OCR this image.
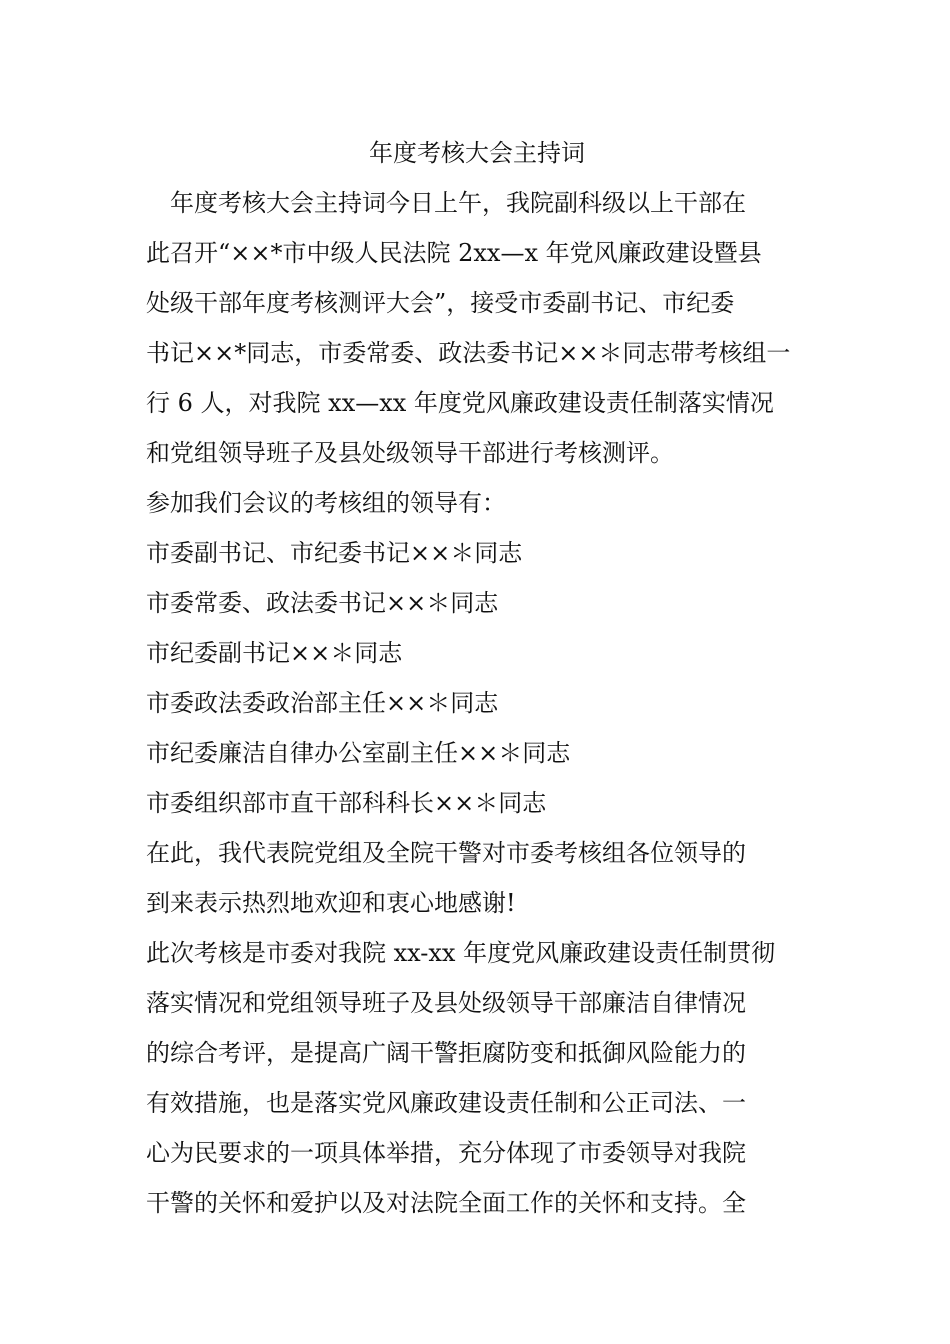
年度考核大会主持词
年度考核大会主持词今日上午，我院副科级以上干部在
此召开“××*市中级人民法院 2xx—x 年党风廉政建设暨县
处级干部年度考核测评大会”，接受市委副书记、市纪委
书记××*同志，市委常委、政法委书记××＊同志带考核组一
行 6 人，对我院 xx—xx 年度党风廉政建设责任制落实情况
和党组领导班子及县处级领导干部进行考核测评。
参加我们会议的考核组的领导有：
市委副书记、市纪委书记××＊同志
市委常委、政法委书记××＊同志
市纪委副书记××＊同志
市委政法委政治部主任××＊同志
市纪委廉洁自律办公室副主任××＊同志
市委组织部市直干部科科长××＊同志
在此，我代表院党组及全院干警对市委考核组各位领导的
到来表示热烈地欢迎和衷心地感谢!
此次考核是市委对我院 xx-xx 年度党风廉政建设责任制贯彻
落实情况和党组领导班子及县处级领导干部廉洁自律情况
的综合考评，是提高广阔干警拒腐防变和抵御风险能力的
有效措施，也是落实党风廉政建设责任制和公正司法、一
心为民要求的一项具体举措，充分体现了市委领导对我院
干警的关怀和爱护以及对法院全面工作的关怀和支持。全
